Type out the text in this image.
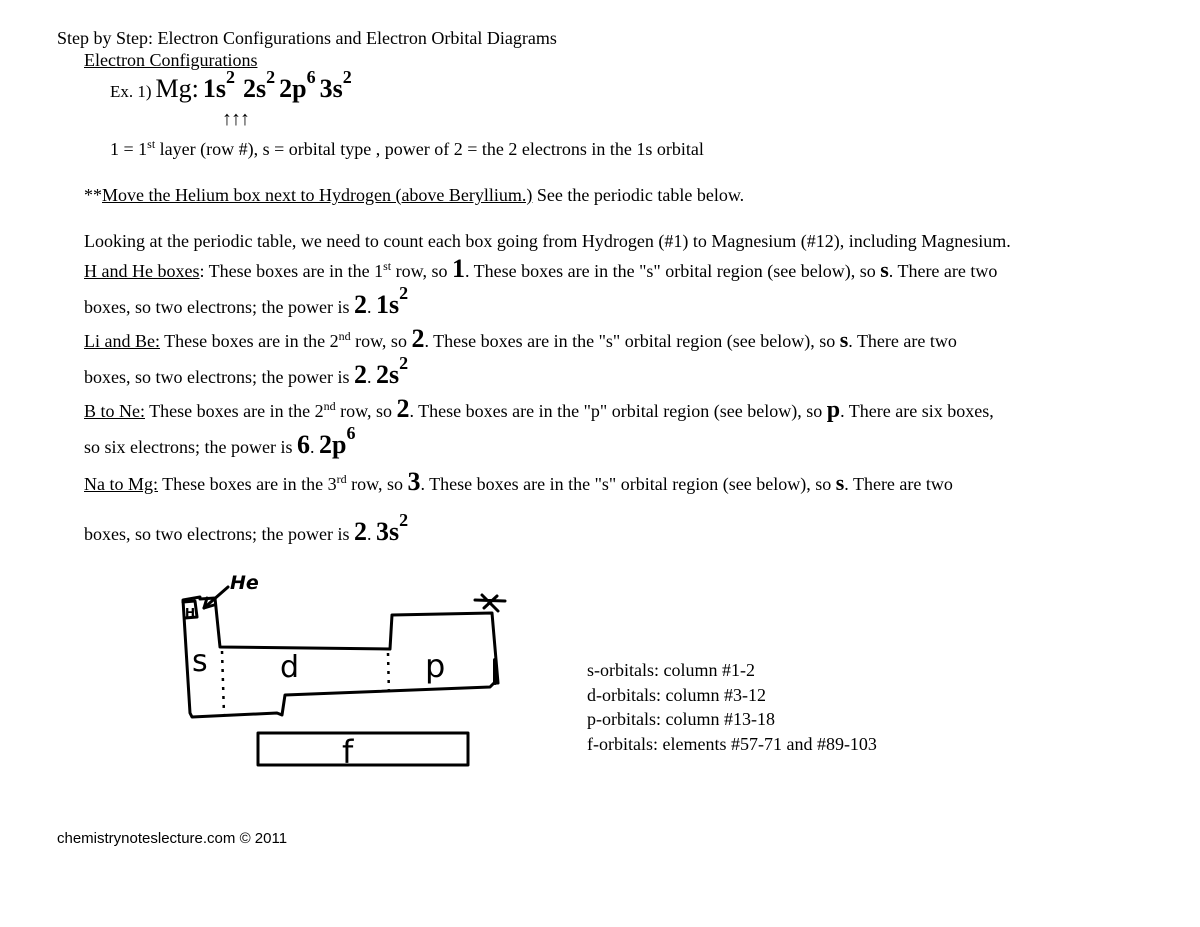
Step by Step: Electron Configurations and Electron Orbital Diagrams
Electron Configurations
Ex. 1) Mg: $1s^2$ $2s^2$ $2p^6$ $3s^2$
↑↑↑
1 = 1st layer (row #), s = orbital type , power of 2 = the 2 electrons in the 1s orbital
**Move the Helium box next to Hydrogen (above Beryllium.) See the periodic table below.
Looking at the periodic table, we need to count each box going from Hydrogen (#1) to Magnesium (#12), including Magnesium.
H and He boxes: These boxes are in the 1st row, so 1. These boxes are in the "s" orbital region (see below), so s. There are two
boxes, so two electrons; the power is 2. $1s^2$
Li and Be: These boxes are in the 2nd row, so 2. These boxes are in the "s" orbital region (see below), so s. There are two
boxes, so two electrons; the power is 2. $2s^2$
B to Ne: These boxes are in the 2nd row, so 2. These boxes are in the "p" orbital region (see below), so p. There are six boxes,
so six electrons; the power is 6. $2p^6$
Na to Mg: These boxes are in the 3rd row, so 3. These boxes are in the "s" orbital region (see below), so s. There are two
boxes, so two electrons; the power is 2. $3s^2$
He
H
s d	p
f
s-orbitals: column #1-2
d-orbitals: column #3-12
p-orbitals: column #13-18
f-orbitals: elements #57-71 and #89-103
chemistrynoteslecture.com © 2011
